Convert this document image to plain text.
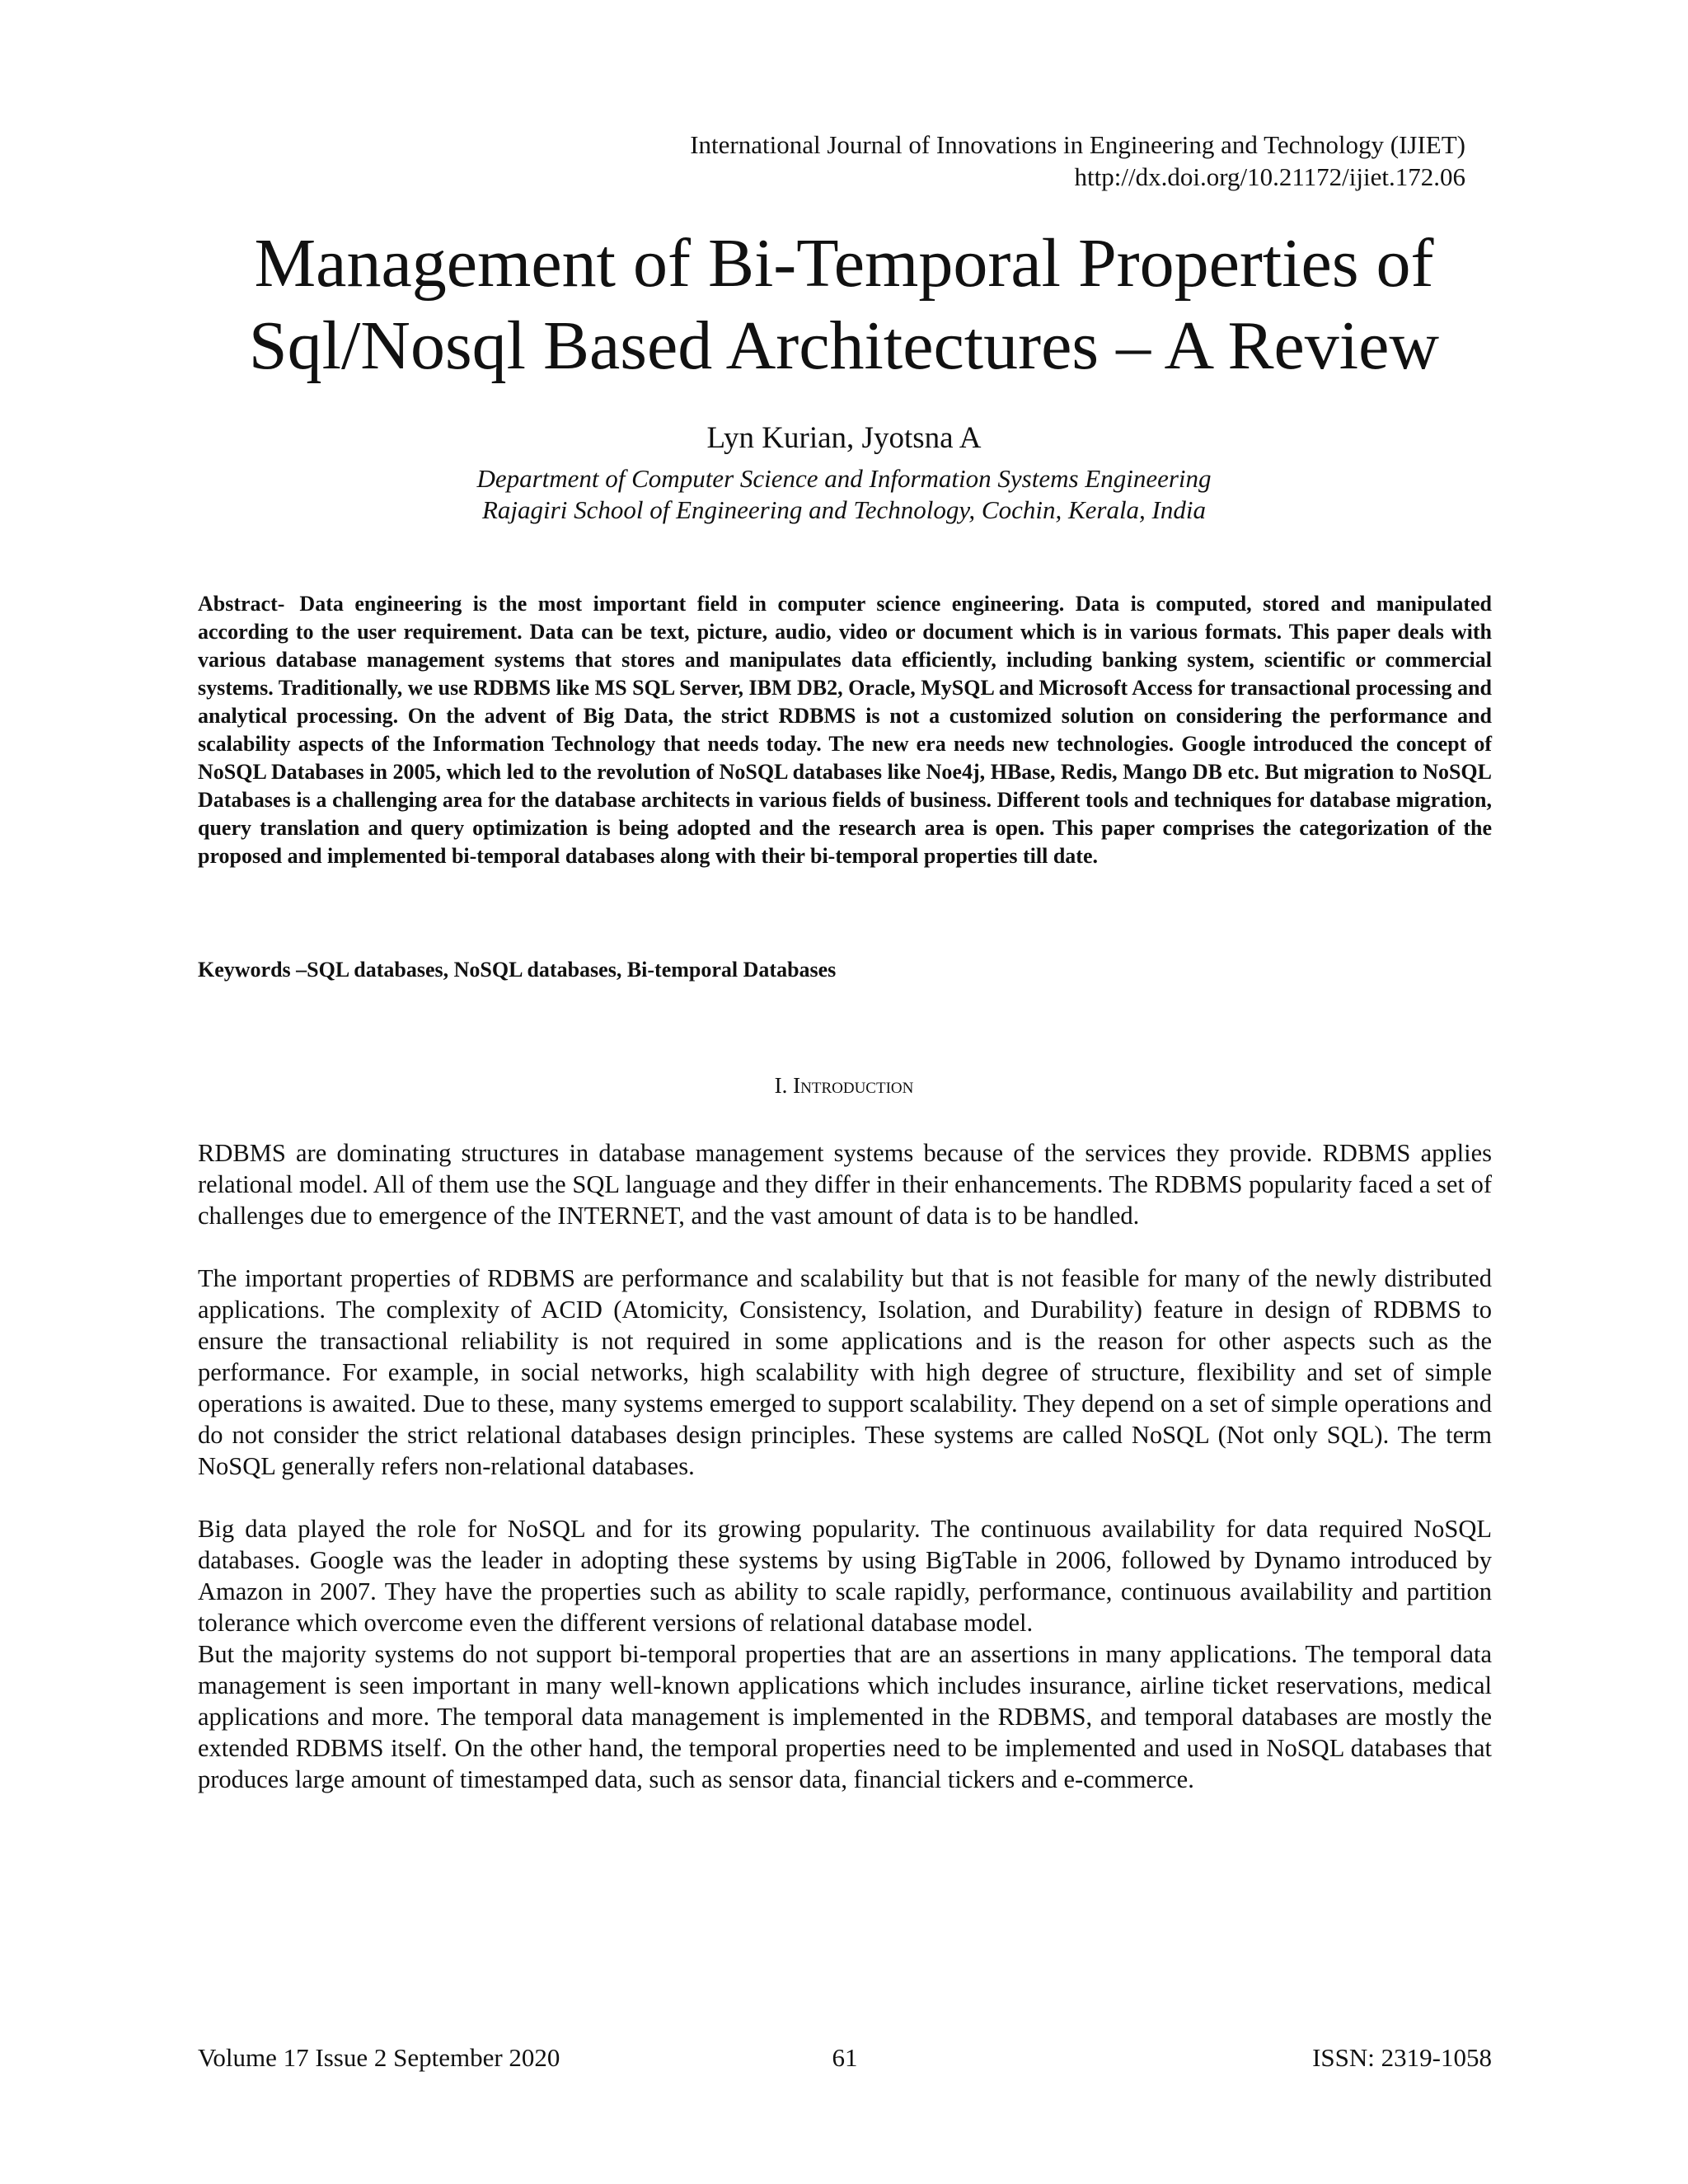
International Journal of Innovations in Engineering and Technology (IJIET)
http://dx.doi.org/10.21172/ijiet.172.06
Management of Bi-Temporal Properties of
Sql/Nosql Based Architectures – A Review
Lyn Kurian, Jyotsna A
Department of Computer Science and Information Systems Engineering
Rajagiri School of Engineering and Technology, Cochin, Kerala, India
Abstract- Data engineering is the most important field in computer science engineering. Data is computed, stored and manipulated according to the user requirement. Data can be text, picture, audio, video or document which is in various formats. This paper deals with various database management systems that stores and manipulates data efficiently, including banking system, scientific or commercial systems. Traditionally, we use RDBMS like MS SQL Server, IBM DB2, Oracle, MySQL and Microsoft Access for transactional processing and analytical processing. On the advent of Big Data, the strict RDBMS is not a customized solution on considering the performance and scalability aspects of the Information Technology that needs today. The new era needs new technologies. Google introduced the concept of NoSQL Databases in 2005, which led to the revolution of NoSQL databases like Noe4j, HBase, Redis, Mango DB etc. But migration to NoSQL Databases is a challenging area for the database architects in various fields of business. Different tools and techniques for database migration, query translation and query optimization is being adopted and the research area is open. This paper comprises the categorization of the proposed and implemented bi-temporal databases along with their bi-temporal properties till date.
Keywords –SQL databases, NoSQL databases, Bi-temporal Databases
I. Introduction

RDBMS are dominating structures in database management systems because of the services they provide. RDBMS applies relational model. All of them use the SQL language and they differ in their enhancements. The RDBMS popularity faced a set of challenges due to emergence of the INTERNET, and the vast amount of data is to be handled.

The important properties of RDBMS are performance and scalability but that is not feasible for many of the newly distributed applications. The complexity of ACID (Atomicity, Consistency, Isolation, and Durability) feature in design of RDBMS to ensure the transactional reliability is not required in some applications and is the reason for other aspects such as the performance. For example, in social networks, high scalability with high degree of structure, flexibility and set of simple operations is awaited. Due to these, many systems emerged to support scalability. They depend on a set of simple operations and do not consider the strict relational databases design principles. These systems are called NoSQL (Not only SQL). The term NoSQL generally refers non-relational databases.

Big data played the role for NoSQL and for its growing popularity. The continuous availability for data required NoSQL databases. Google was the leader in adopting these systems by using BigTable in 2006, followed by Dynamo introduced by Amazon in 2007. They have the properties such as ability to scale rapidly, performance, continuous availability and partition tolerance which overcome even the different versions of relational database model.

But the majority systems do not support bi-temporal properties that are an assertions in many applications. The temporal data management is seen important in many well-known applications which includes insurance, airline ticket reservations, medical applications and more. The temporal data management is implemented in the RDBMS, and temporal databases are mostly the extended RDBMS itself. On the other hand, the temporal properties need to be implemented and used in NoSQL databases that produces large amount of timestamped data, such as sensor data, financial tickers and e-commerce.

Volume 17 Issue 2 September 2020	61	ISSN: 2319-1058
